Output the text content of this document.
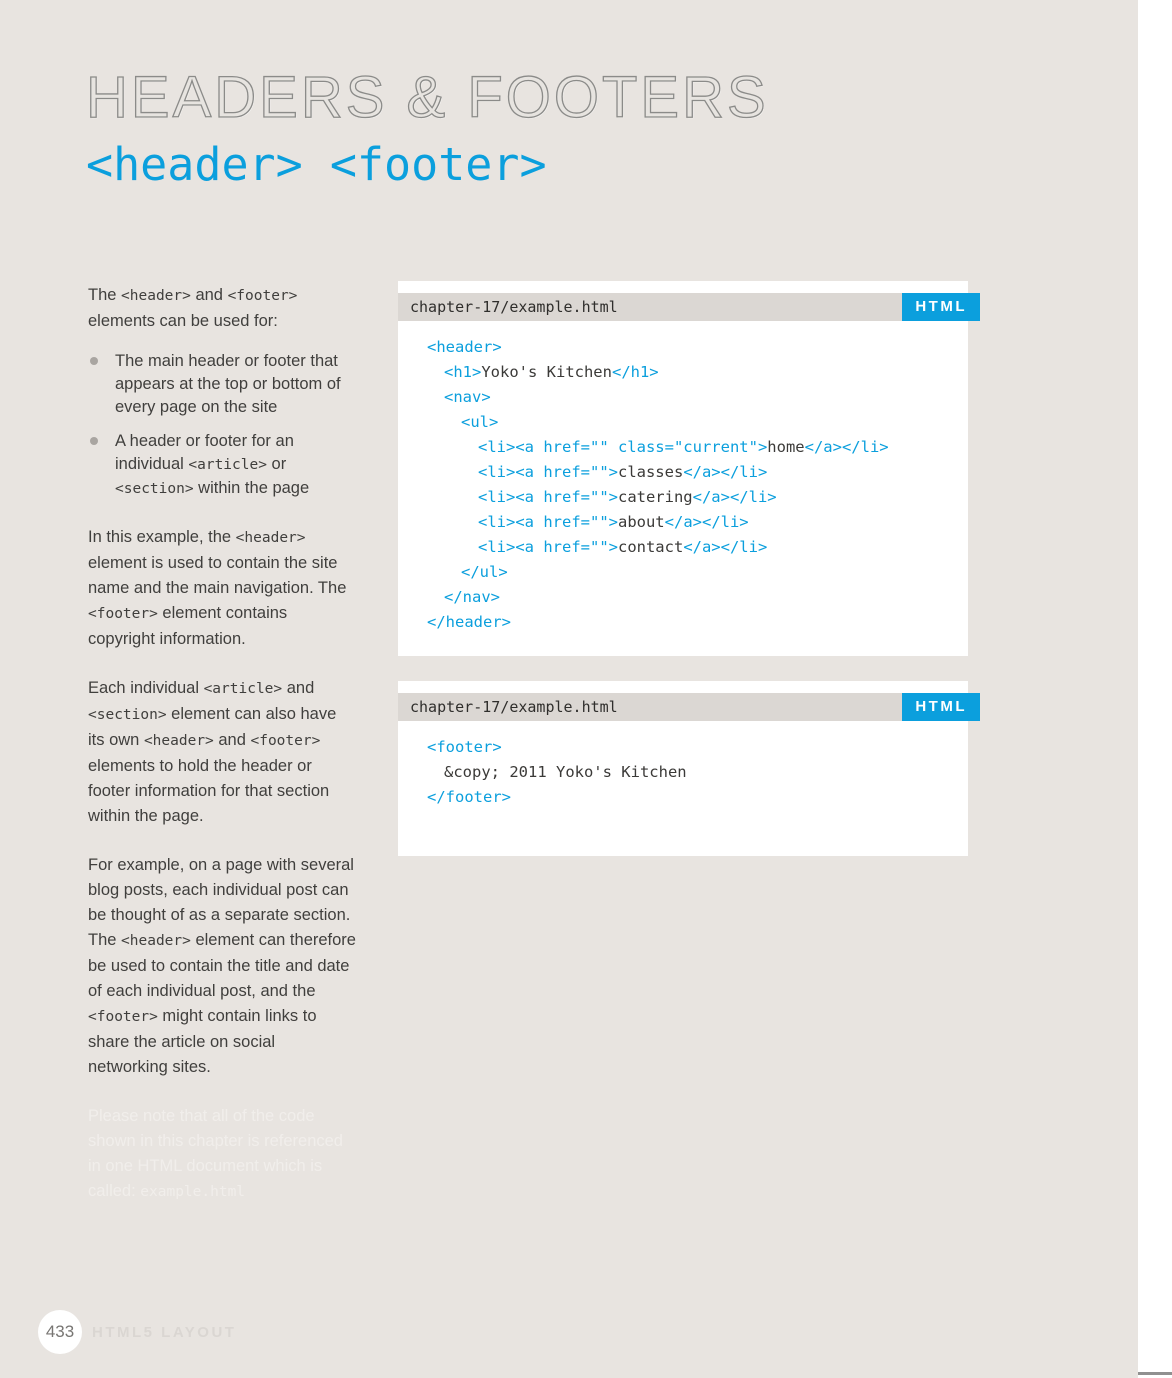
HEADERS & FOOTERS
<header> <footer>

The <header> and <footer> elements can be used for:

The main header or footer that appears at the top or bottom of every page on the site
A header or footer for an individual <article> or <section> within the page

In this example, the <header> element is used to contain the site name and the main navigation. The <footer> element contains copyright information.

Each individual <article> and <section> element can also have its own <header> and <footer> elements to hold the header or footer information for that section within the page.

For example, on a page with several blog posts, each individual post can be thought of as a separate section. The <header> element can therefore be used to contain the title and date of each individual post, and the <footer> might contain links to share the article on social networking sites.

Please note that all of the code shown in this chapter is referenced in one HTML document which is called: example.html

chapter-17/example.html	HTML
<header>
<h1>Yoko's Kitchen</h1>
<nav>
<ul>
<li><a href="" class="current">home</a></li>
<li><a href="">classes</a></li>
<li><a href="">catering</a></li>
<li><a href="">about</a></li>
<li><a href="">contact</a></li>
</ul>
</nav>
</header>
chapter-17/example.html	HTML
<footer>
&copy; 2011 Yoko's Kitchen
</footer>
433	HTML5 LAYOUT
